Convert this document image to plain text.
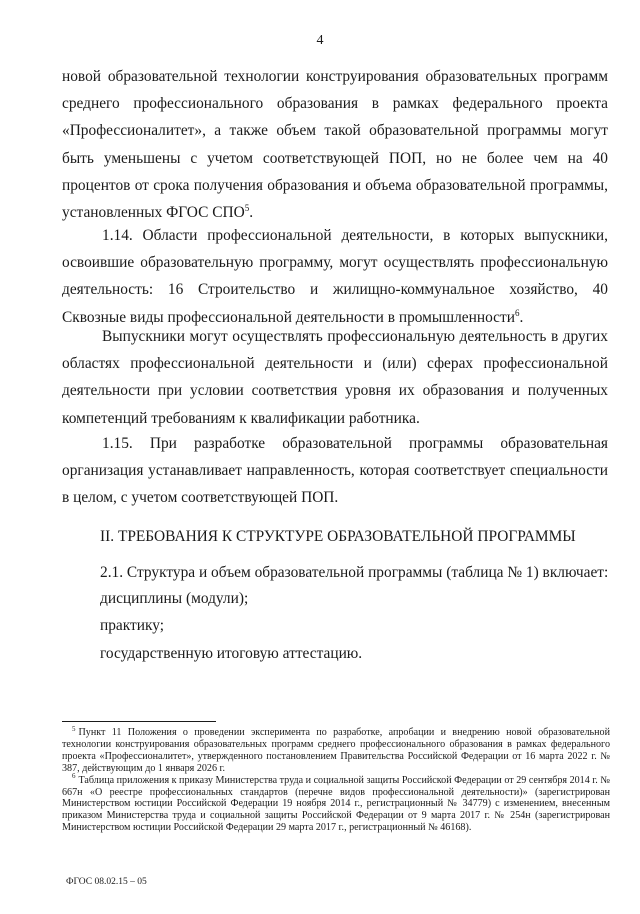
4

новой образовательной технологии конструирования образовательных программ среднего профессионального образования в рамках федерального проекта «Профессионалитет», а также объем такой образовательной программы могут быть уменьшены с учетом соответствующей ПОП, но не более чем на 40 процентов от срока получения образования и объема образовательной программы, установленных ФГОС СПО$^5$.

1.14. Области профессиональной деятельности, в которых выпускники, освоившие образовательную программу, могут осуществлять профессиональную деятельность: 16 Строительство и жилищно-коммунальное хозяйство, 40 Сквозные виды профессиональной деятельности в промышленности$^6$.

Выпускники могут осуществлять профессиональную деятельность в других областях профессиональной деятельности и (или) сферах профессиональной деятельности при условии соответствия уровня их образования и полученных компетенций требованиям к квалификации работника.

1.15. При разработке образовательной программы образовательная организация устанавливает направленность, которая соответствует специальности в целом, с учетом соответствующей ПОП.

II. ТРЕБОВАНИЯ К СТРУКТУРЕ ОБРАЗОВАТЕЛЬНОЙ ПРОГРАММЫ
2.1. Структура и объем образовательной программы (таблица № 1) включает:
дисциплины (модули);
практику;
государственную итоговую аттестацию.

$^5$ Пункт 11 Положения о проведении эксперимента по разработке, апробации и внедрению новой образовательной технологии конструирования образовательных программ среднего профессионального образования в рамках федерального проекта «Профессионалитет», утвержденного постановлением Правительства Российской Федерации от 16 марта 2022 г. № 387, действующим до 1 января 2026 г.

$^6$ Таблица приложения к приказу Министерства труда и социальной защиты Российской Федерации от 29 сентября 2014 г. № 667н «О реестре профессиональных стандартов (перечне видов профессиональной деятельности)» (зарегистрирован Министерством юстиции Российской Федерации 19 ноября 2014 г., регистрационный № 34779) с изменением, внесенным приказом Министерства труда и социальной защиты Российской Федерации от 9 марта 2017 г. № 254н (зарегистрирован Министерством юстиции Российской Федерации 29 марта 2017 г., регистрационный № 46168).

ФГОС 08.02.15 – 05
